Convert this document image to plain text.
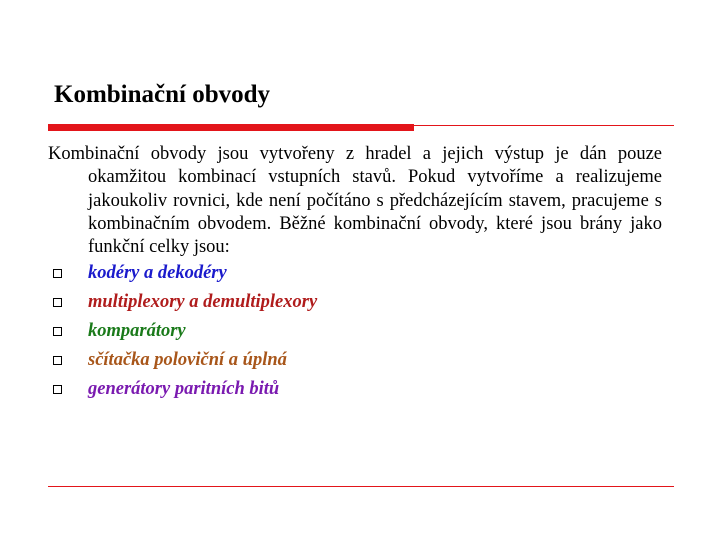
Kombinační obvody

Kombinační obvody jsou vytvořeny z hradel a jejich výstup je dán pouze okamžitou kombinací vstupních stavů. Pokud vytvoříme a realizujeme jakoukoliv rovnici, kde není počítáno s předcházejícím stavem, pracujeme s kombinačním obvodem. Běžné kombinační obvody, které jsou brány jako funkční celky jsou:

kodéry a dekodéry
multiplexory a demultiplexory
komparátory
sčítačka poloviční a úplná
generátory paritních bitů
